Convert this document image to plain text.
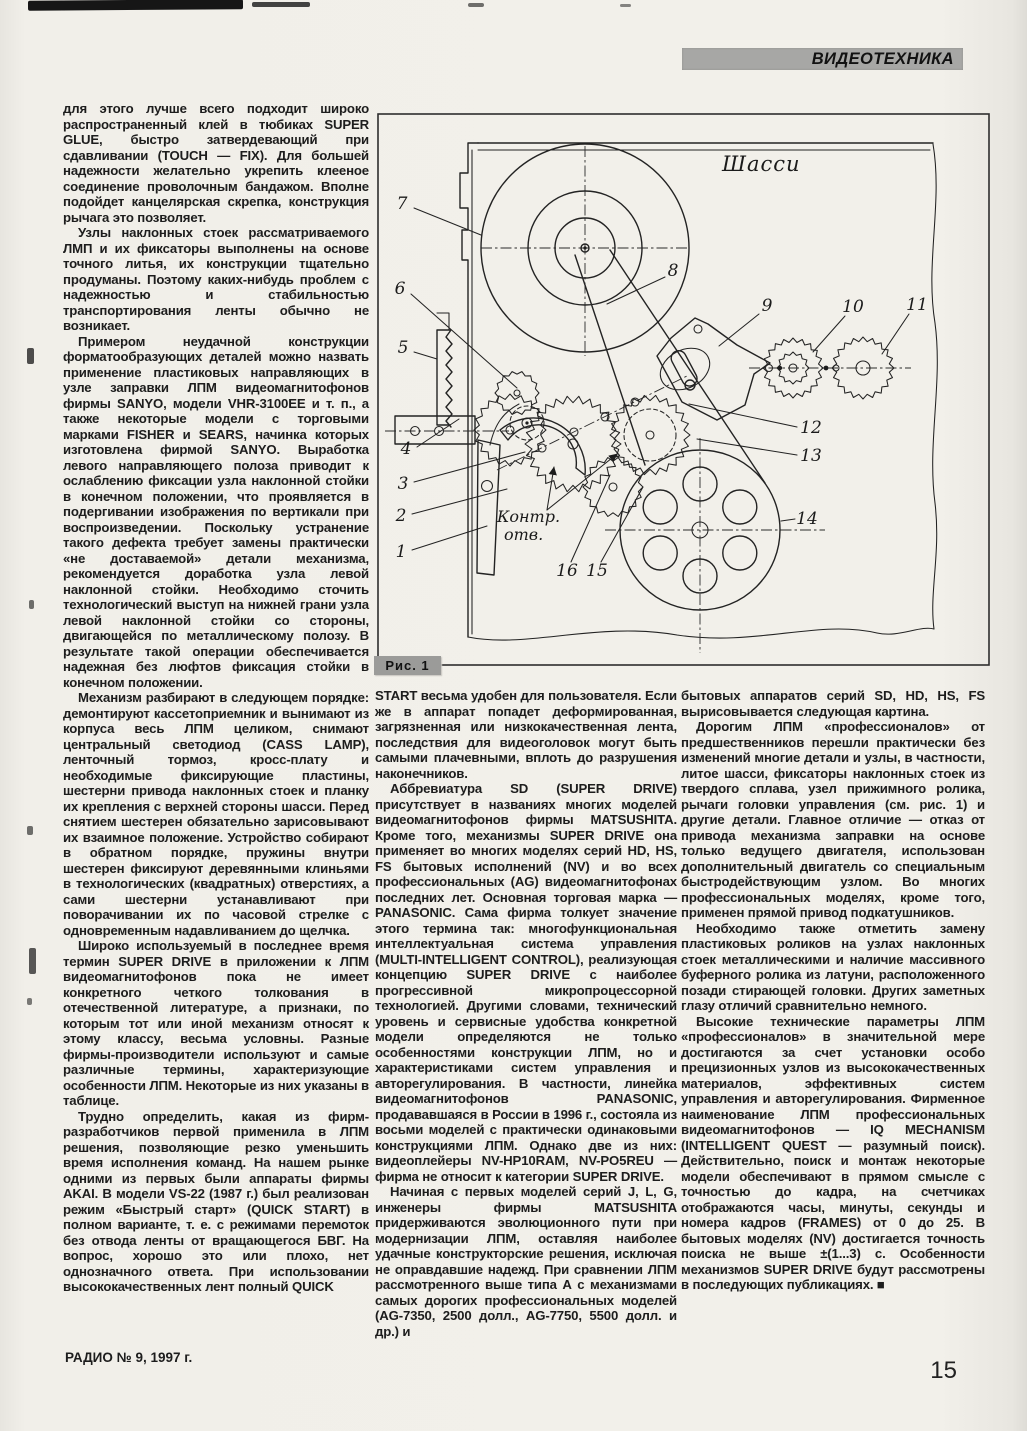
ВИДЕОТЕХНИКА

для этого лучше всего подходит широко распространенный клей в тюбиках SUPER GLUE, быстро затвердевающий при сдавливании (TOUCH — FIX). Для большей надежности желательно укрепить клееное соединение проволочным бандажом. Вполне подойдет канцелярская скрепка, конструкция рычага это позволяет.

Узлы наклонных стоек рассматриваемого ЛМП и их фиксаторы выполнены на основе точного литья, их конструкции тщательно продуманы. Поэтому каких-нибудь проблем с надежностью и стабильностью транспортирования ленты обычно не возникает.

Примером неудачной конструкции форматообразующих деталей можно назвать применение пластиковых направляющих в узле заправки ЛПМ видеомагнитофонов фирмы SANYO, модели VHR-3100EE и т. п., а также некоторые модели с торговыми марками FISHER и SEARS, начинка которых изготовлена фирмой SANYO. Выработка левого направляющего полоза приводит к ослаблению фиксации узла наклонной стойки в конечном положении, что проявляется в подергивании изображения по вертикали при воспроизведении. Поскольку устранение такого дефекта требует замены практически «не доставаемой» детали механизма, рекомендуется доработка узла левой наклонной стойки. Необходимо сточить технологический выступ на нижней грани узла левой наклонной стойки со стороны, двигающейся по металлическому полозу. В результате такой операции обеспечивается надежная без люфтов фиксация стойки в конечном положении.

Механизм разбирают в следующем порядке: демонтируют кассетоприемник и вынимают из корпуса весь ЛПМ целиком, снимают центральный светодиод (CASS LAMP), ленточный тормоз, кросс-плату и необходимые фиксирующие пластины, шестерни привода наклонных стоек и планку их крепления с верхней стороны шасси. Перед снятием шестерен обязательно зарисовывают их взаимное положение. Устройство собирают в обратном порядке, пружины внутри шестерен фиксируют деревянными клиньями в технологических (квадратных) отверстиях, а сами шестерни устанавливают при поворачивании их по часовой стрелке с одновременным надавливанием до щелчка.

Широко используемый в последнее время термин SUPER DRIVE в приложении к ЛПМ видеомагнитофонов пока не имеет конкретного четкого толкования в отечественной литературе, а признаки, по которым тот или иной механизм относят к этому классу, весьма условны. Разные фирмы-производители используют и самые различные термины, характеризующие особенности ЛПМ. Некоторые из них указаны в таблице.

Трудно определить, какая из фирм-разработчиков первой применила в ЛПМ решения, позволяющие резко уменьшить время исполнения команд. На нашем рынке одними из первых были аппараты фирмы AKAI. В модели VS-22 (1987 г.) был реализован режим «Быстрый старт» (QUICK START) в полном варианте, т. е. с режимами перемоток без отвода ленты от вращающегося БВГ. На вопрос, хорошо это или плохо, нет однозначного ответа. При использовании высококачественных лент полный QUICK

START весьма удобен для пользователя. Если же в аппарат попадет деформированная, загрязненная или низкокачественная лента, последствия для видеоголовок могут быть самыми плачевными, вплоть до разрушения наконечников.

Аббревиатура SD (SUPER DRIVE) присутствует в названиях многих моделей видеомагнитофонов фирмы MATSUSHITA. Кроме того, механизмы SUPER DRIVE она применяет во многих моделях серий HD, HS, FS бытовых исполнений (NV) и во всех профессиональных (AG) видеомагнитофонах последних лет. Основная торговая марка — PANASONIC. Сама фирма толкует значение этого термина так: многофункциональная интеллектуальная система управления (MULTI-INTELLIGENT CONTROL), реализующая концепцию SUPER DRIVE с наиболее прогрессивной микропроцессорной технологией. Другими словами, технический уровень и сервисные удобства конкретной модели определяются не только особенностями конструкции ЛПМ, но и характеристиками систем управления и авторегулирования. В частности, линейка видеомагнитофонов PANASONIC, продававшаяся в России в 1996 г., состояла из восьми моделей с практически одинаковыми конструкциями ЛПМ. Однако две из них: видеоплейеры NV-HP10RAM, NV-PO5REU — фирма не относит к категории SUPER DRIVE.

Начиная с первых моделей серий J, L, G, инженеры фирмы MATSUSHITA придерживаются эволюционного пути при модернизации ЛПМ, оставляя наиболее удачные конструкторские решения, исключая не оправдавшие надежд. При сравнении ЛПМ рассмотренного выше типа А с механизмами самых дорогих профессиональных моделей (AG-7350, 2500 долл., AG-7750, 5500 долл. и др.) и

бытовых аппаратов серий SD, HD, HS, FS вырисовывается следующая картина.

Дорогим ЛПМ «профессионалов» от предшественников перешли практически без изменений многие детали и узлы, в частности, литое шасси, фиксаторы наклонных стоек из твердого сплава, узел прижимного ролика, рычаги головки управления (см. рис. 1) и другие детали. Главное отличие — отказ от привода механизма заправки на основе только ведущего двигателя, использован дополнительный двигатель со специальным быстродействующим узлом. Во многих профессиональных моделях, кроме того, применен прямой привод подкатушников.

Необходимо также отметить замену пластиковых роликов на узлах наклонных стоек металлическими и наличие массивного буферного ролика из латуни, расположенного позади стирающей головки. Других заметных глазу отличий сравнительно немного.

Высокие технические параметры ЛПМ «профессионалов» в значительной мере достигаются за счет установки особо прецизионных узлов из высококачественных материалов, эффективных систем управления и авторегулирования. Фирменное наименование ЛПМ профессиональных видеомагнитофонов — IQ MECHANISM (INTELLIGENT QUEST — разумный поиск). Действительно, поиск и монтаж некоторые модели обеспечивают в прямом смысле с точностью до кадра, на счетчиках отображаются часы, минуты, секунды и номера кадров (FRAMES) от 0 до 25. В бытовых моделях (NV) достигается точность поиска не выше ±(1...3) с. Особенности механизмов SUPER DRIVE будут рассмотрены в последующих публикациях. ■

7
6
5
4
3
2
1
8
9	10 11
12
13
14
16 15
Шасси
Контр.
отв.
Рис. 1
РАДИО № 9, 1997 г.	15
